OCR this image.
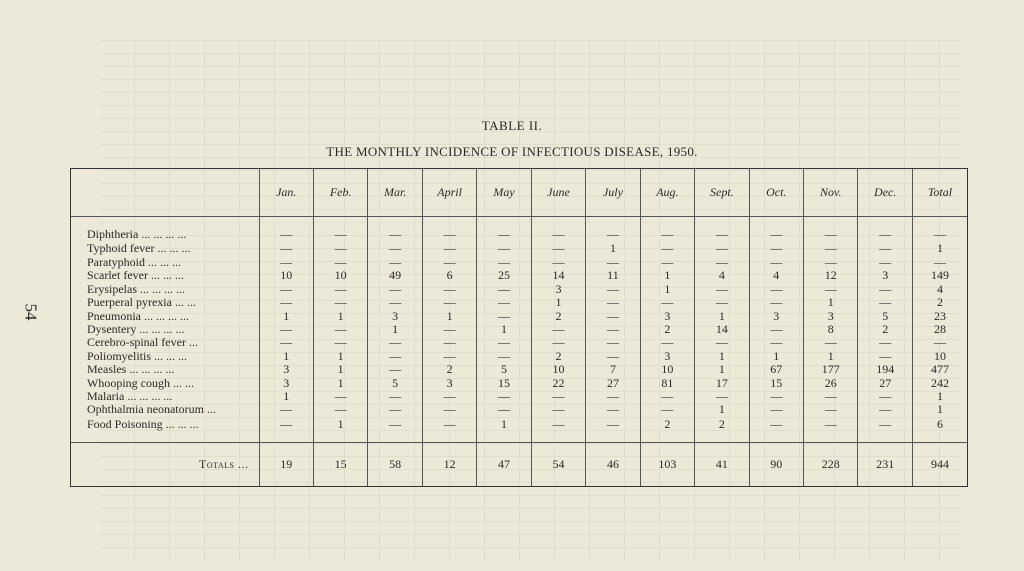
54
TABLE II.
THE MONTHLY INCIDENCE OF INFECTIOUS DISEASE, 1950.
	Jan.	Feb.	Mar.	April	May	June	July	Aug.	Sept.	Oct.	Nov.	Dec.	Total
Diphtheria ... ... ... ...	—	—	—	—	—	—	—	—	—	—	—	—	—
Typhoid fever ... ... ...	—	—	—	—	—	—	1	—	—	—	—	—	1
Paratyphoid ... ... ...	—	—	—	—	—	—	—	—	—	—	—	—	—
Scarlet fever ... ... ...	10	10	49	6	25	14	11	1	4	4	12	3	149
Erysipelas ... ... ... ...	—	—	—	—	—	3	—	1	—	—	—	—	4
Puerperal pyrexia ... ...	—	—	—	—	—	1	—	—	—	—	1	—	2
Pneumonia ... ... ... ...	1	1	3	1	—	2	—	3	1	3	3	5	23
Dysentery ... ... ... ...	—	—	1	—	1	—	—	2	14	—	8	2	28
Cerebro-spinal fever ...	—	—	—	—	—	—	—	—	—	—	—	—	—
Poliomyelitis ... ... ...	1	1	—	—	—	2	—	3	1	1	1	—	10
Measles ... ... ... ...	3	1	—	2	5	10	7	10	1	67	177	194	477
Whooping cough ... ...	3	1	5	3	15	22	27	81	17	15	26	27	242
Malaria ... ... ... ...	1	—	—	—	—	—	—	—	—	—	—	—	1
Ophthalmia neonatorum ...	—	—	—	—	—	—	—	—	1	—	—	—	1
Food Poisoning ... ... ...	—	1	—	—	1	—	—	2	2	—	—	—	6
Totals ...	19	15	58	12	47	54	46	103	41	90	228	231	944
